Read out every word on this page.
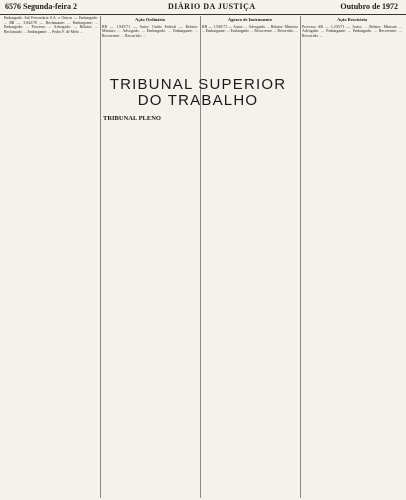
6576 Segunda-feira 2	DIÁRIO DA JUSTIÇA	Outubro de 1972

Embargado: Sul Ferroviária S.A. e Outros — Embargado: ... RR — 3.842/70 — Reclamante: ... Embargante: ... Embargado: ... Processo ... Advogado: ... Relator: ... Reclamado: ... Embargante: ... Pedro F. de Melo ...

Ação Ordinária

RR — 1.845/71 — Autor: União Federal — Relator: Ministro ... Advogado: ... Embargado: ... Embargante: ... Recorrente: ... Recorrido: ...

Agravo de Instrumento

RR — 1.920/71 — Autor: ... Advogado: ... Relator: Ministro ... Embargante: ... Embargado: ... Recorrente: ... Recorrido: ...

Ação Rescisória

Processo AR — 1.235/71 — Autor: ... Relator: Ministro ... Advogado: ... Embargante: ... Embargado: ... Recorrente: ... Recorrido: ...

TRIBUNAL SUPERIOR
DO TRABALHO
TRIBUNAL PLENO
